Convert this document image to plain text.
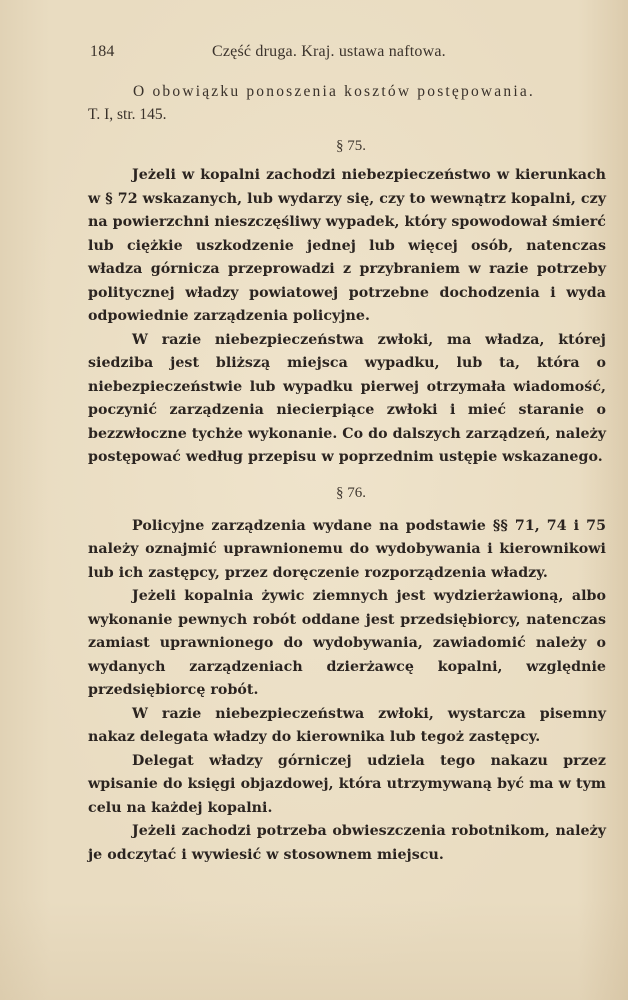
184	Część druga. Kraj. ustawa naftowa.
O obowiązku ponoszenia kosztów postępowania.
T. I, str. 145.
§ 75.

Jeżeli w kopalni zachodzi niebezpieczeństwo w kierunkach w § 72 wskazanych, lub wydarzy się, czy to wewnątrz kopalni, czy na powierzchni nieszczęśliwy wypadek, który spowodował śmierć lub ciężkie uszkodzenie jednej lub więcej osób, natenczas władza górnicza przeprowadzi z przybraniem w razie potrzeby politycznej władzy powiatowej potrzebne dochodzenia i wyda odpowiednie zarządzenia policyjne.

W razie niebezpieczeństwa zwłoki, ma władza, której siedziba jest bliższą miejsca wypadku, lub ta, która o niebezpieczeństwie lub wypadku pierwej otrzymała wiadomość, poczynić zarządzenia niecierpiące zwłoki i mieć staranie o bezzwłoczne tychże wykonanie. Co do dalszych zarządzeń, należy postępować według przepisu w poprzednim ustępie wskazanego.

§ 76.

Policyjne zarządzenia wydane na podstawie §§ 71, 74 i 75 należy oznajmić uprawnionemu do wydobywania i kierownikowi lub ich zastępcy, przez doręczenie rozporządzenia władzy.

Jeżeli kopalnia żywic ziemnych jest wydzierżawioną, albo wykonanie pewnych robót oddane jest przedsiębiorcy, natenczas zamiast uprawnionego do wydobywania, zawiadomić należy o wydanych zarządzeniach dzierżawcę kopalni, względnie przedsiębiorcę robót.

W razie niebezpieczeństwa zwłoki, wystarcza pisemny nakaz delegata władzy do kierownika lub tegoż zastępcy.

Delegat władzy górniczej udziela tego nakazu przez wpisanie do księgi objazdowej, która utrzymywaną być ma w tym celu na każdej kopalni.

Jeżeli zachodzi potrzeba obwieszczenia robotnikom, należy je odczytać i wywiesić w stosownem miejscu.
